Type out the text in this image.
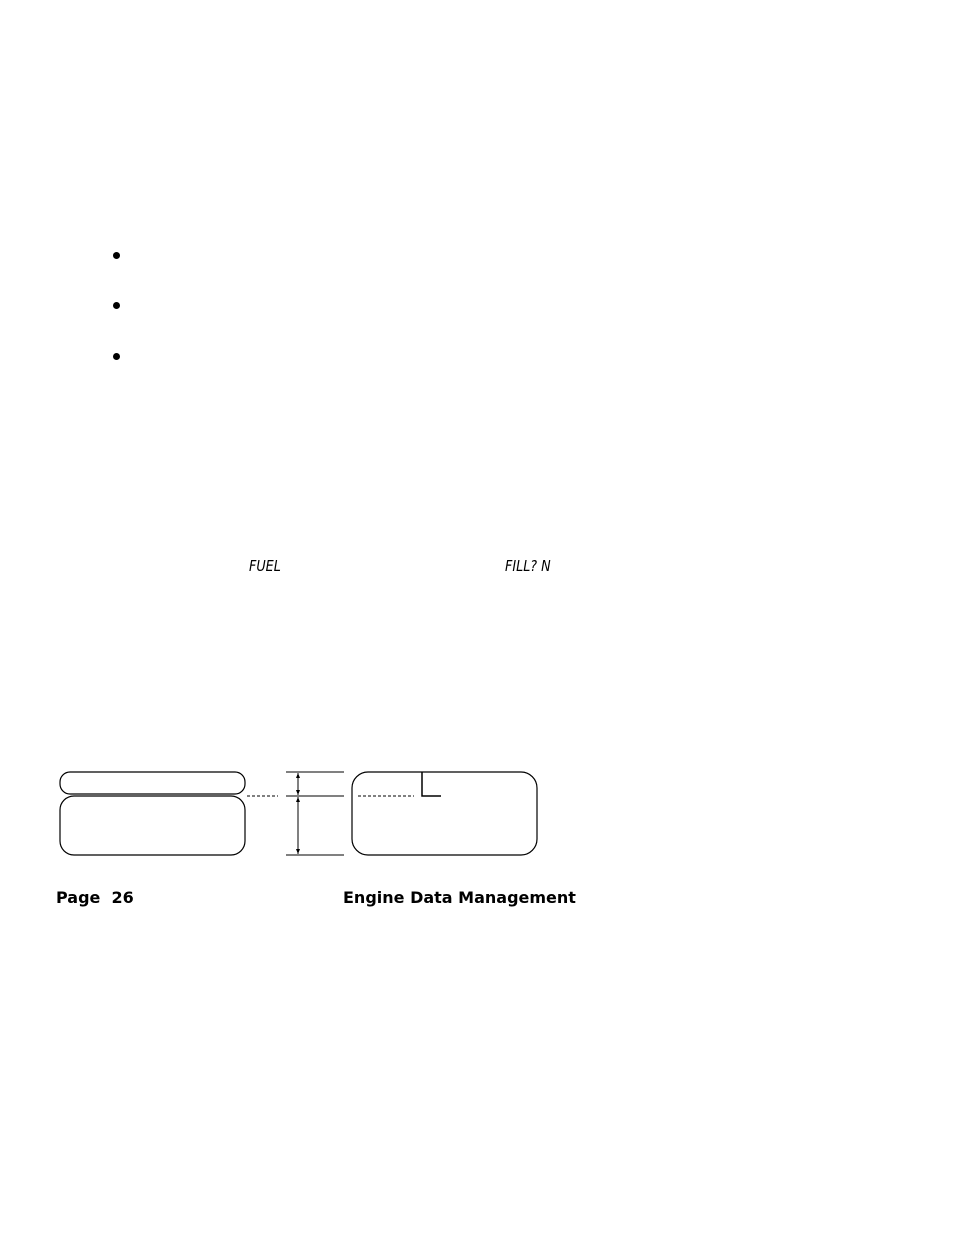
FUEL	FILL? N
Page  26	Engine Data Management
